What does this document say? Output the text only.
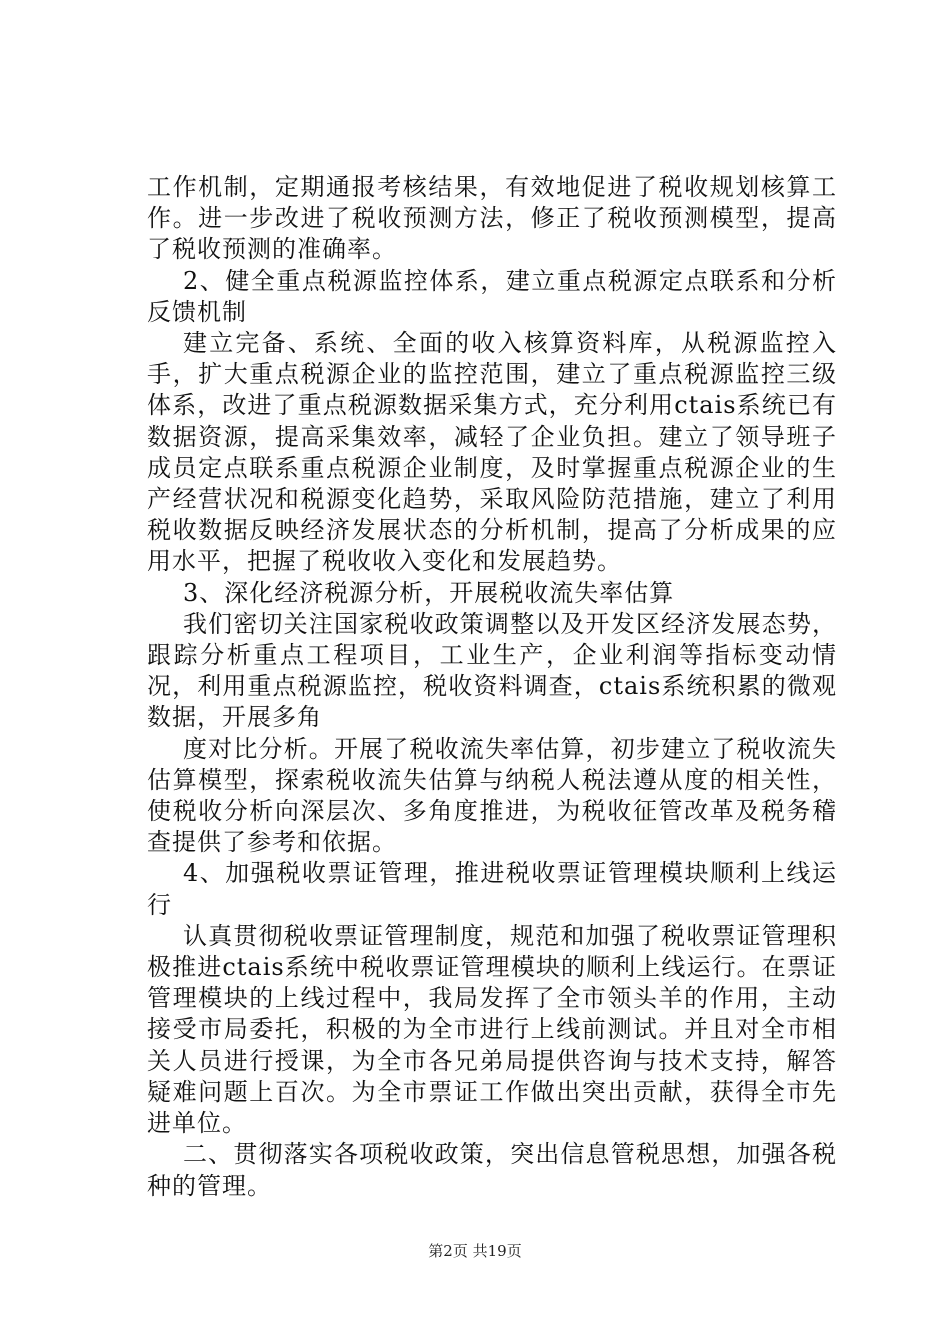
工作机制，定期通报考核结果，有效地促进了税收规划核算工作。进一步改进了税收预测方法，修正了税收预测模型，提高了税收预测的准确率。

2、健全重点税源监控体系，建立重点税源定点联系和分析反馈机制

建立完备、系统、全面的收入核算资料库，从税源监控入手，扩大重点税源企业的监控范围，建立了重点税源监控三级体系，改进了重点税源数据采集方式，充分利用ctais系统已有数据资源，提高采集效率，减轻了企业负担。建立了领导班子成员定点联系重点税源企业制度，及时掌握重点税源企业的生产经营状况和税源变化趋势，采取风险防范措施，建立了利用税收数据反映经济发展状态的分析机制，提高了分析成果的应用水平，把握了税收收入变化和发展趋势。

3、深化经济税源分析，开展税收流失率估算

我们密切关注国家税收政策调整以及开发区经济发展态势，跟踪分析重点工程项目，工业生产，企业利润等指标变动情况，利用重点税源监控，税收资料调查，ctais系统积累的微观数据，开展多角

度对比分析。开展了税收流失率估算，初步建立了税收流失估算模型，探索税收流失估算与纳税人税法遵从度的相关性，使税收分析向深层次、多角度推进，为税收征管改革及税务稽查提供了参考和依据。

4、加强税收票证管理，推进税收票证管理模块顺利上线运行

认真贯彻税收票证管理制度，规范和加强了税收票证管理积极推进ctais系统中税收票证管理模块的顺利上线运行。在票证管理模块的上线过程中，我局发挥了全市领头羊的作用，主动接受市局委托，积极的为全市进行上线前测试。并且对全市相关人员进行授课，为全市各兄弟局提供咨询与技术支持，解答疑难问题上百次。为全市票证工作做出突出贡献，获得全市先进单位。

二、贯彻落实各项税收政策，突出信息管税思想，加强各税种的管理。

第2页 共19页
